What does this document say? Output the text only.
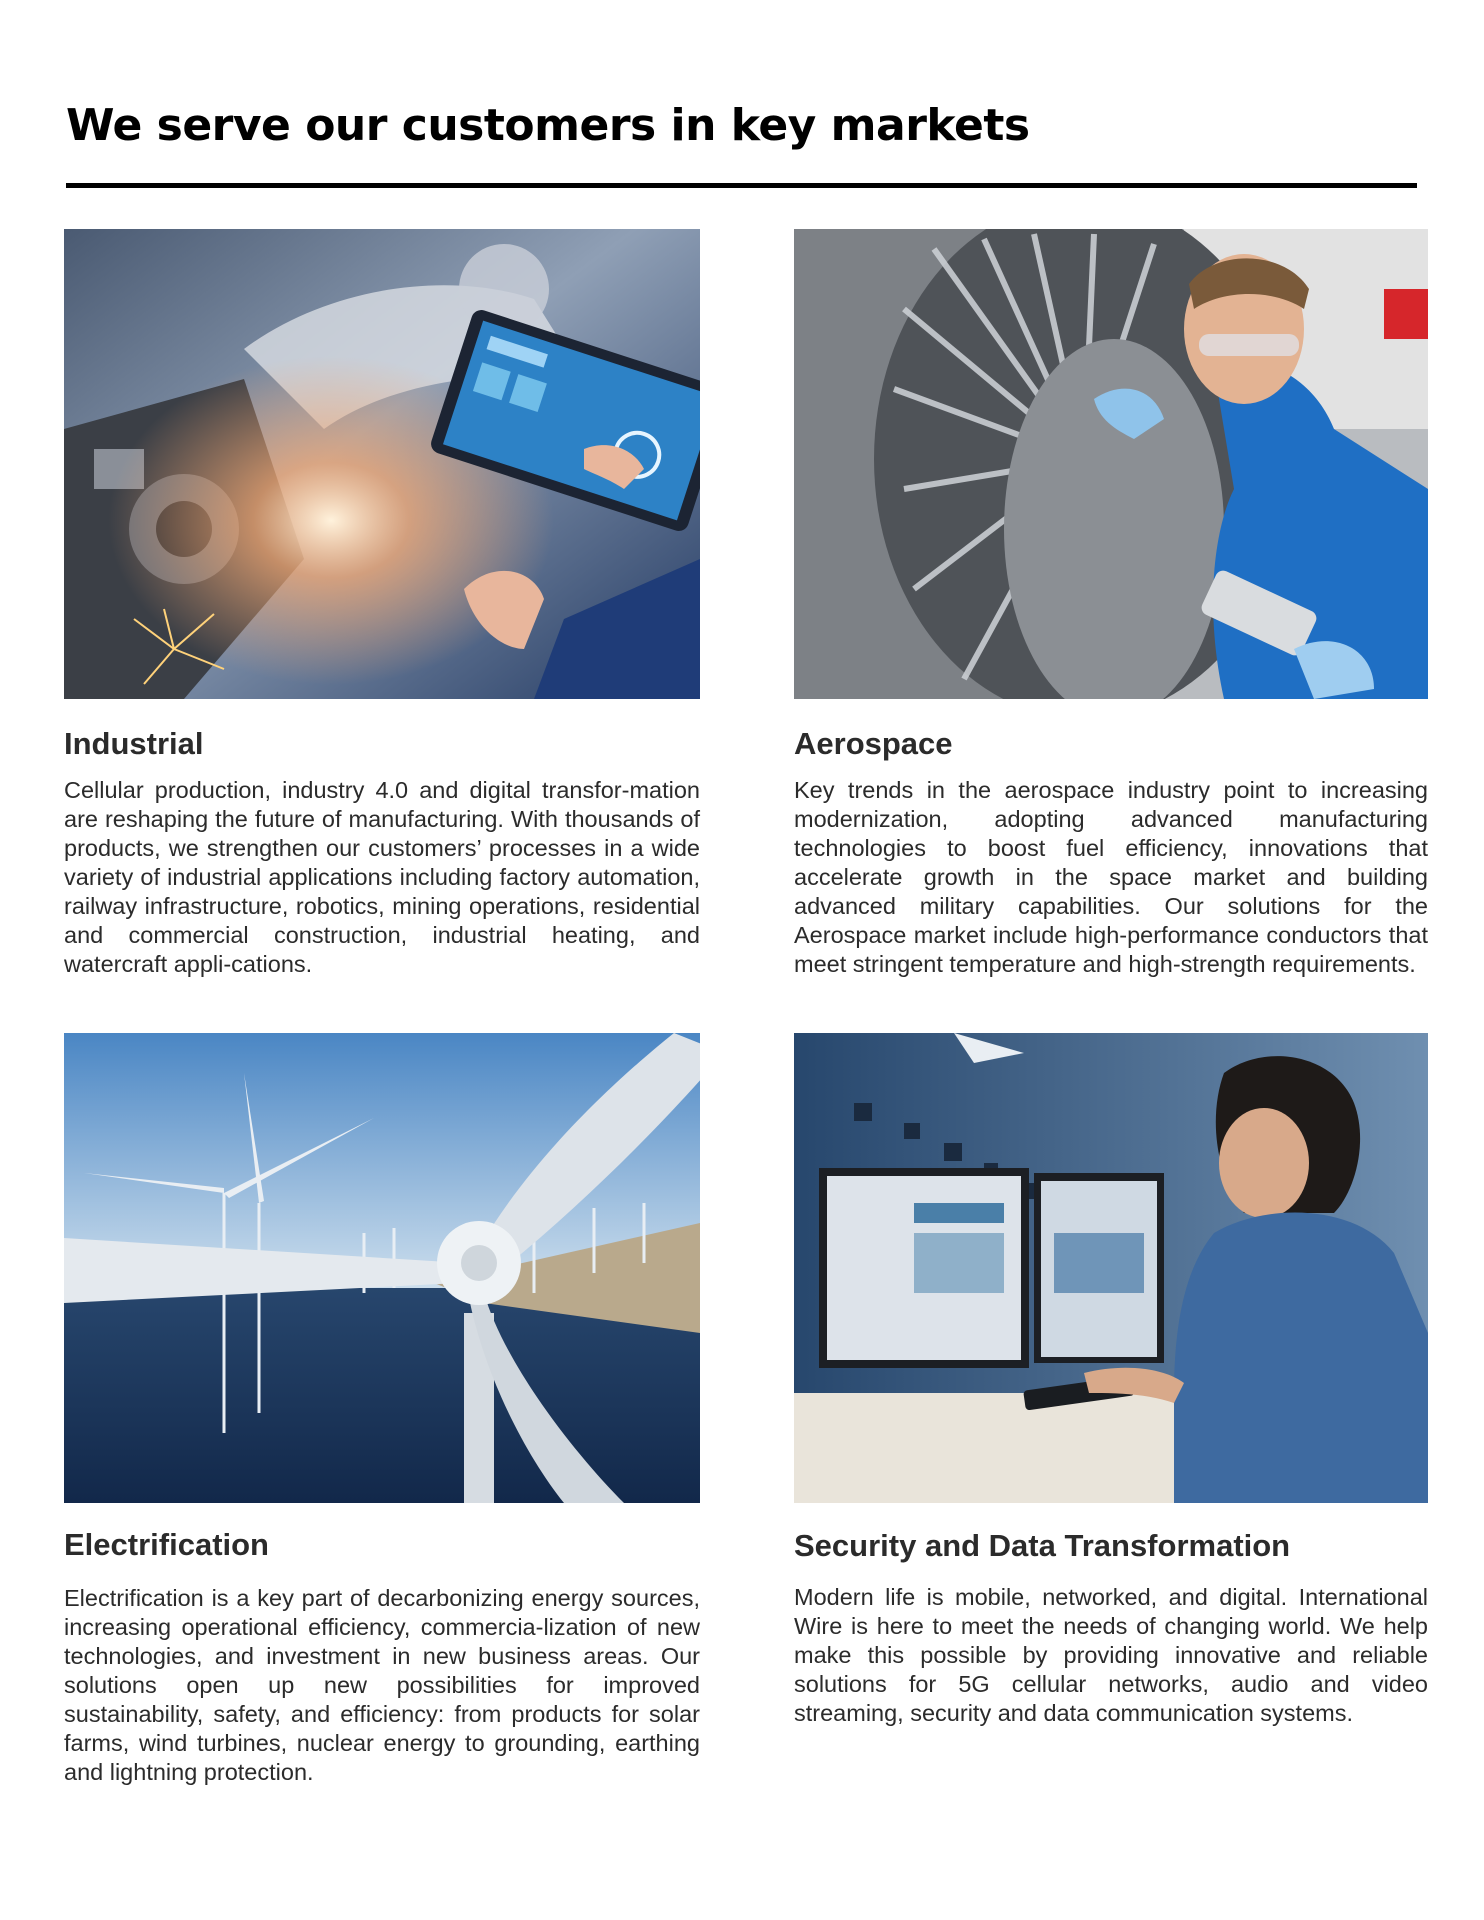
We serve our customers in key markets
Industrial

Cellular production, industry 4.0 and digital transfor-mation are reshaping the future of manufacturing. With thousands of products, we strengthen our customers’ processes in a wide variety of industrial applications including factory automation, railway infrastructure, robotics, mining operations, residential and commercial construction, industrial heating, and watercraft appli-cations.

Aerospace

Key trends in the aerospace industry point to increasing modernization, adopting advanced manufacturing technologies to boost fuel efficiency, innovations that accelerate growth in the space market and building advanced military capabilities. Our solutions for the Aerospace market include high-performance conductors that meet stringent temperature and high-strength requirements.

Electrification

Electrification is a key part of decarbonizing energy sources, increasing operational efficiency, commercia-lization of new technologies, and investment in new business areas. Our solutions open up new possibilities for improved sustainability, safety, and efficiency: from products for solar farms, wind turbines, nuclear energy to grounding, earthing and lightning protection.

Security and Data Transformation

Modern life is mobile, networked, and digital. International Wire is here to meet the needs of changing world. We help make this possible by providing innovative and reliable solutions for 5G cellular networks, audio and video streaming, security and data communication systems.
